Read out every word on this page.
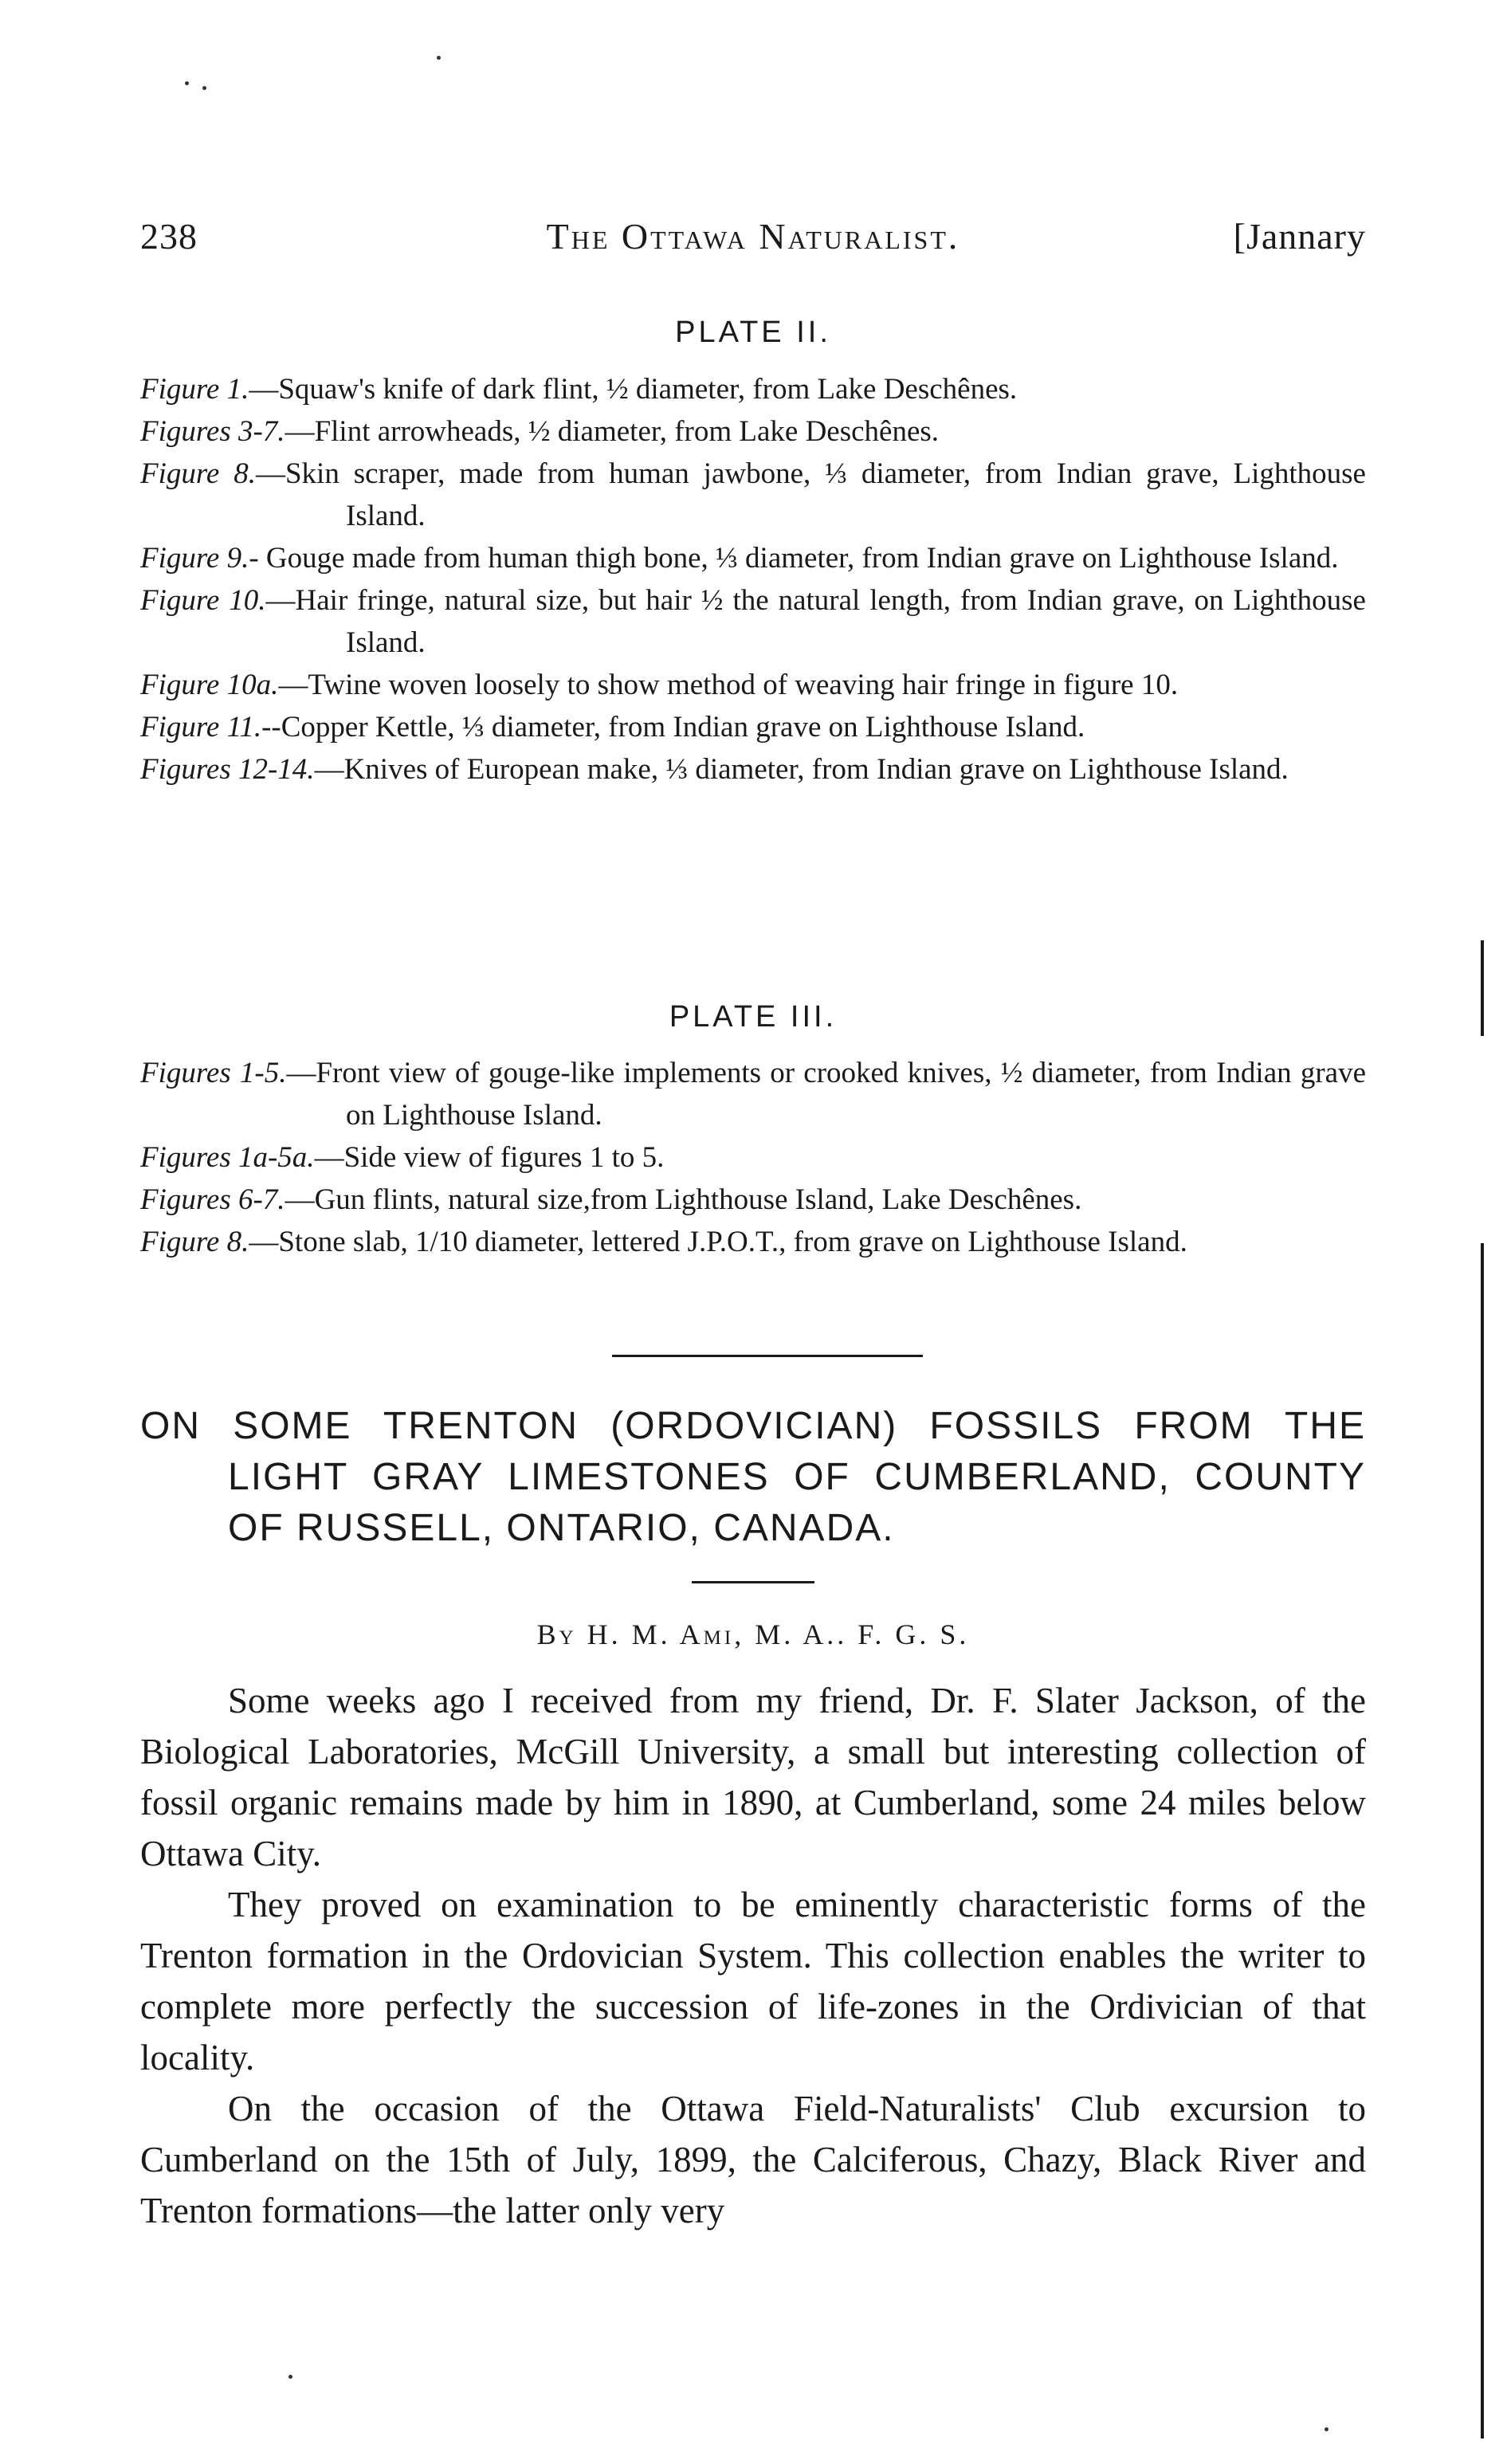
238	The Ottawa Naturalist.	[Jannary
PLATE II.

Figure 1.—Squaw's knife of dark flint, ½ diameter, from Lake Deschênes.

Figures 3-7.—Flint arrowheads, ½ diameter, from Lake Deschênes.

Figure 8.—Skin scraper, made from human jawbone, ⅓ diameter, from Indian grave, Lighthouse Island.

Figure 9.- Gouge made from human thigh bone, ⅓ diameter, from Indian grave on Lighthouse Island.

Figure 10.—Hair fringe, natural size, but hair ½ the natural length, from Indian grave, on Lighthouse Island.

Figure 10a.—Twine woven loosely to show method of weaving hair fringe in figure 10.

Figure 11.--Copper Kettle, ⅓ diameter, from Indian grave on Lighthouse Island.

Figures 12-14.—Knives of European make, ⅓ diameter, from Indian grave on Lighthouse Island.

PLATE III.

Figures 1-5.—Front view of gouge-like implements or crooked knives, ½ diameter, from Indian grave on Lighthouse Island.

Figures 1a-5a.—Side view of figures 1 to 5.

Figures 6-7.—Gun flints, natural size,from Lighthouse Island, Lake Deschênes.

Figure 8.—Stone slab, 1/10 diameter, lettered J.P.O.T., from grave on Lighthouse Island.

ON SOME TRENTON (ORDOVICIAN) FOSSILS FROM THE LIGHT GRAY LIMESTONES OF CUMBERLAND, COUNTY OF RUSSELL, ONTARIO, CANADA.
By H. M. Ami, M. A.. F. G. S.

Some weeks ago I received from my friend, Dr. F. Slater Jackson, of the Biological Laboratories, McGill University, a small but interesting collection of fossil organic remains made by him in 1890, at Cumberland, some 24 miles below Ottawa City.

They proved on examination to be eminently characteristic forms of the Trenton formation in the Ordovician System. This collection enables the writer to complete more perfectly the succession of life-zones in the Ordivician of that locality.

On the occasion of the Ottawa Field-Naturalists' Club excursion to Cumberland on the 15th of July, 1899, the Calciferous, Chazy, Black River and Trenton formations—the latter only very
